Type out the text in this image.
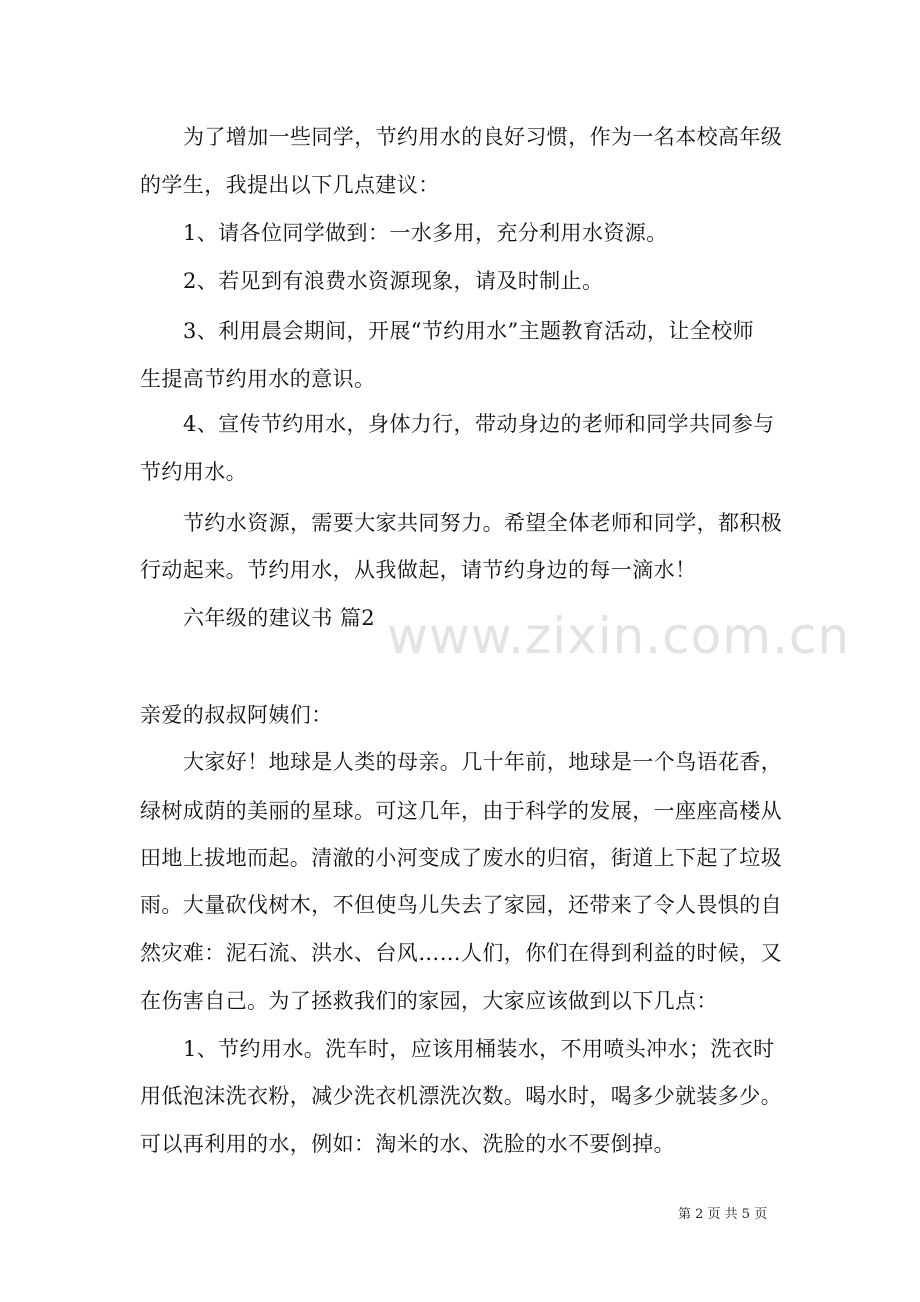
www.zixin.com.cn
为了增加一些同学，节约用水的良好习惯，作为一名本校高年级
的学生，我提出以下几点建议：
1、请各位同学做到：一水多用，充分利用水资源。
2、若见到有浪费水资源现象，请及时制止。
3、利用晨会期间，开展“节约用水”主题教育活动，让全校师
生提高节约用水的意识。
4、宣传节约用水，身体力行，带动身边的老师和同学共同参与
节约用水。
节约水资源，需要大家共同努力。希望全体老师和同学，都积极
行动起来。节约用水，从我做起，请节约身边的每一滴水！
六年级的建议书 篇2
亲爱的叔叔阿姨们：
大家好！地球是人类的母亲。几十年前，地球是一个鸟语花香，
绿树成荫的美丽的星球。可这几年，由于科学的发展，一座座高楼从
田地上拔地而起。清澈的小河变成了废水的归宿，街道上下起了垃圾
雨。大量砍伐树木，不但使鸟儿失去了家园，还带来了令人畏惧的自
然灾难：泥石流、洪水、台风……人们，你们在得到利益的时候，又
在伤害自己。为了拯救我们的家园，大家应该做到以下几点：
1、节约用水。洗车时，应该用桶装水，不用喷头冲水；洗衣时
用低泡沫洗衣粉，减少洗衣机漂洗次数。喝水时，喝多少就装多少。
可以再利用的水，例如：淘米的水、洗脸的水不要倒掉。
第 2 页 共 5 页
